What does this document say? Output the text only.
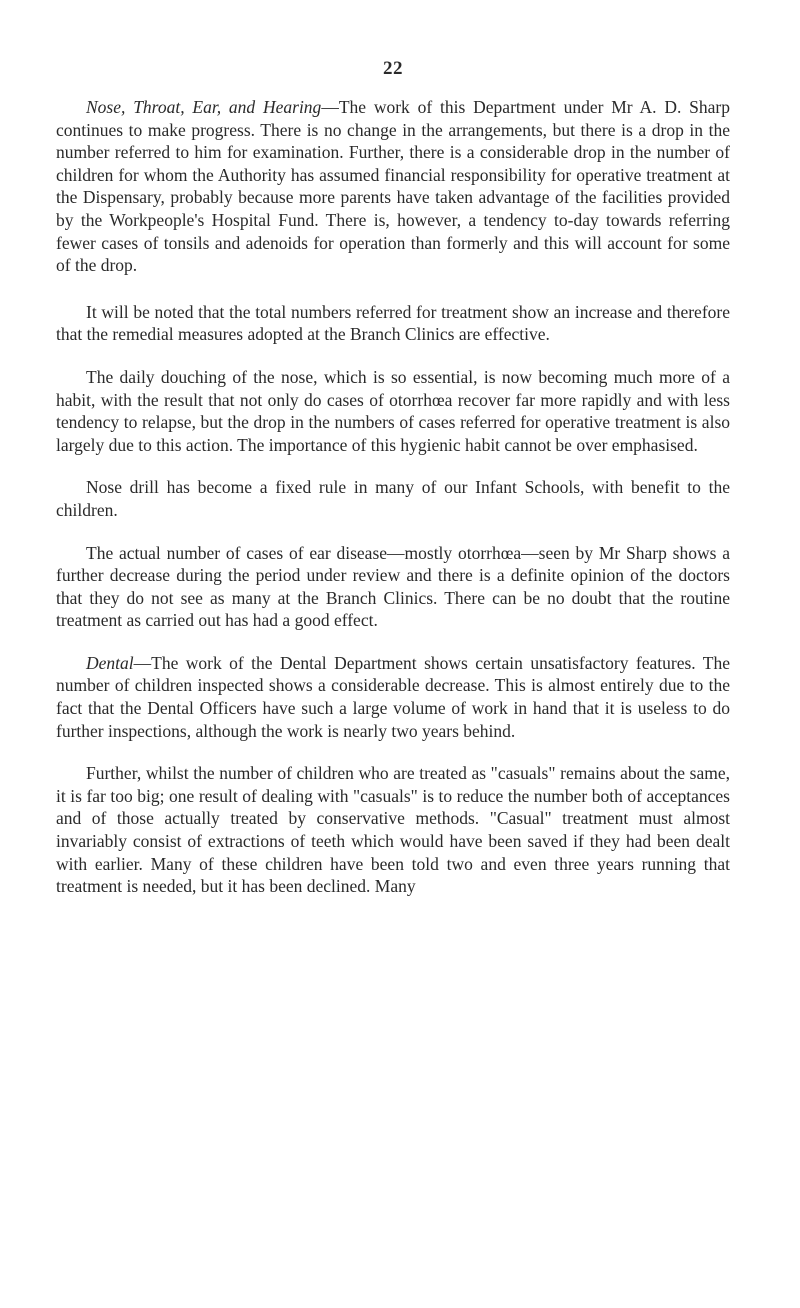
22

Nose, Throat, Ear, and Hearing—The work of this Department under Mr A. D. Sharp continues to make progress. There is no change in the arrangements, but there is a drop in the number referred to him for examination. Further, there is a considerable drop in the number of children for whom the Authority has assumed financial responsibility for operative treatment at the Dispensary, probably because more parents have taken advantage of the facilities provided by the Workpeople's Hospital Fund. There is, however, a tendency to-day towards referring fewer cases of tonsils and adenoids for operation than formerly and this will account for some of the drop.

It will be noted that the total numbers referred for treatment show an increase and therefore that the remedial measures adopted at the Branch Clinics are effective.

The daily douching of the nose, which is so essential, is now becoming much more of a habit, with the result that not only do cases of otorrhœa recover far more rapidly and with less tendency to relapse, but the drop in the numbers of cases referred for operative treatment is also largely due to this action. The importance of this hygienic habit cannot be over emphasised.

Nose drill has become a fixed rule in many of our Infant Schools, with benefit to the children.

The actual number of cases of ear disease—mostly otorrhœa—seen by Mr Sharp shows a further decrease during the period under review and there is a definite opinion of the doctors that they do not see as many at the Branch Clinics. There can be no doubt that the routine treatment as carried out has had a good effect.

Dental—The work of the Dental Department shows certain unsatisfactory features. The number of children inspected shows a considerable decrease. This is almost entirely due to the fact that the Dental Officers have such a large volume of work in hand that it is useless to do further inspections, although the work is nearly two years behind.

Further, whilst the number of children who are treated as "casuals" remains about the same, it is far too big; one result of dealing with "casuals" is to reduce the number both of acceptances and of those actually treated by conservative methods. "Casual" treatment must almost invariably consist of extractions of teeth which would have been saved if they had been dealt with earlier. Many of these children have been told two and even three years running that treatment is needed, but it has been declined. Many
